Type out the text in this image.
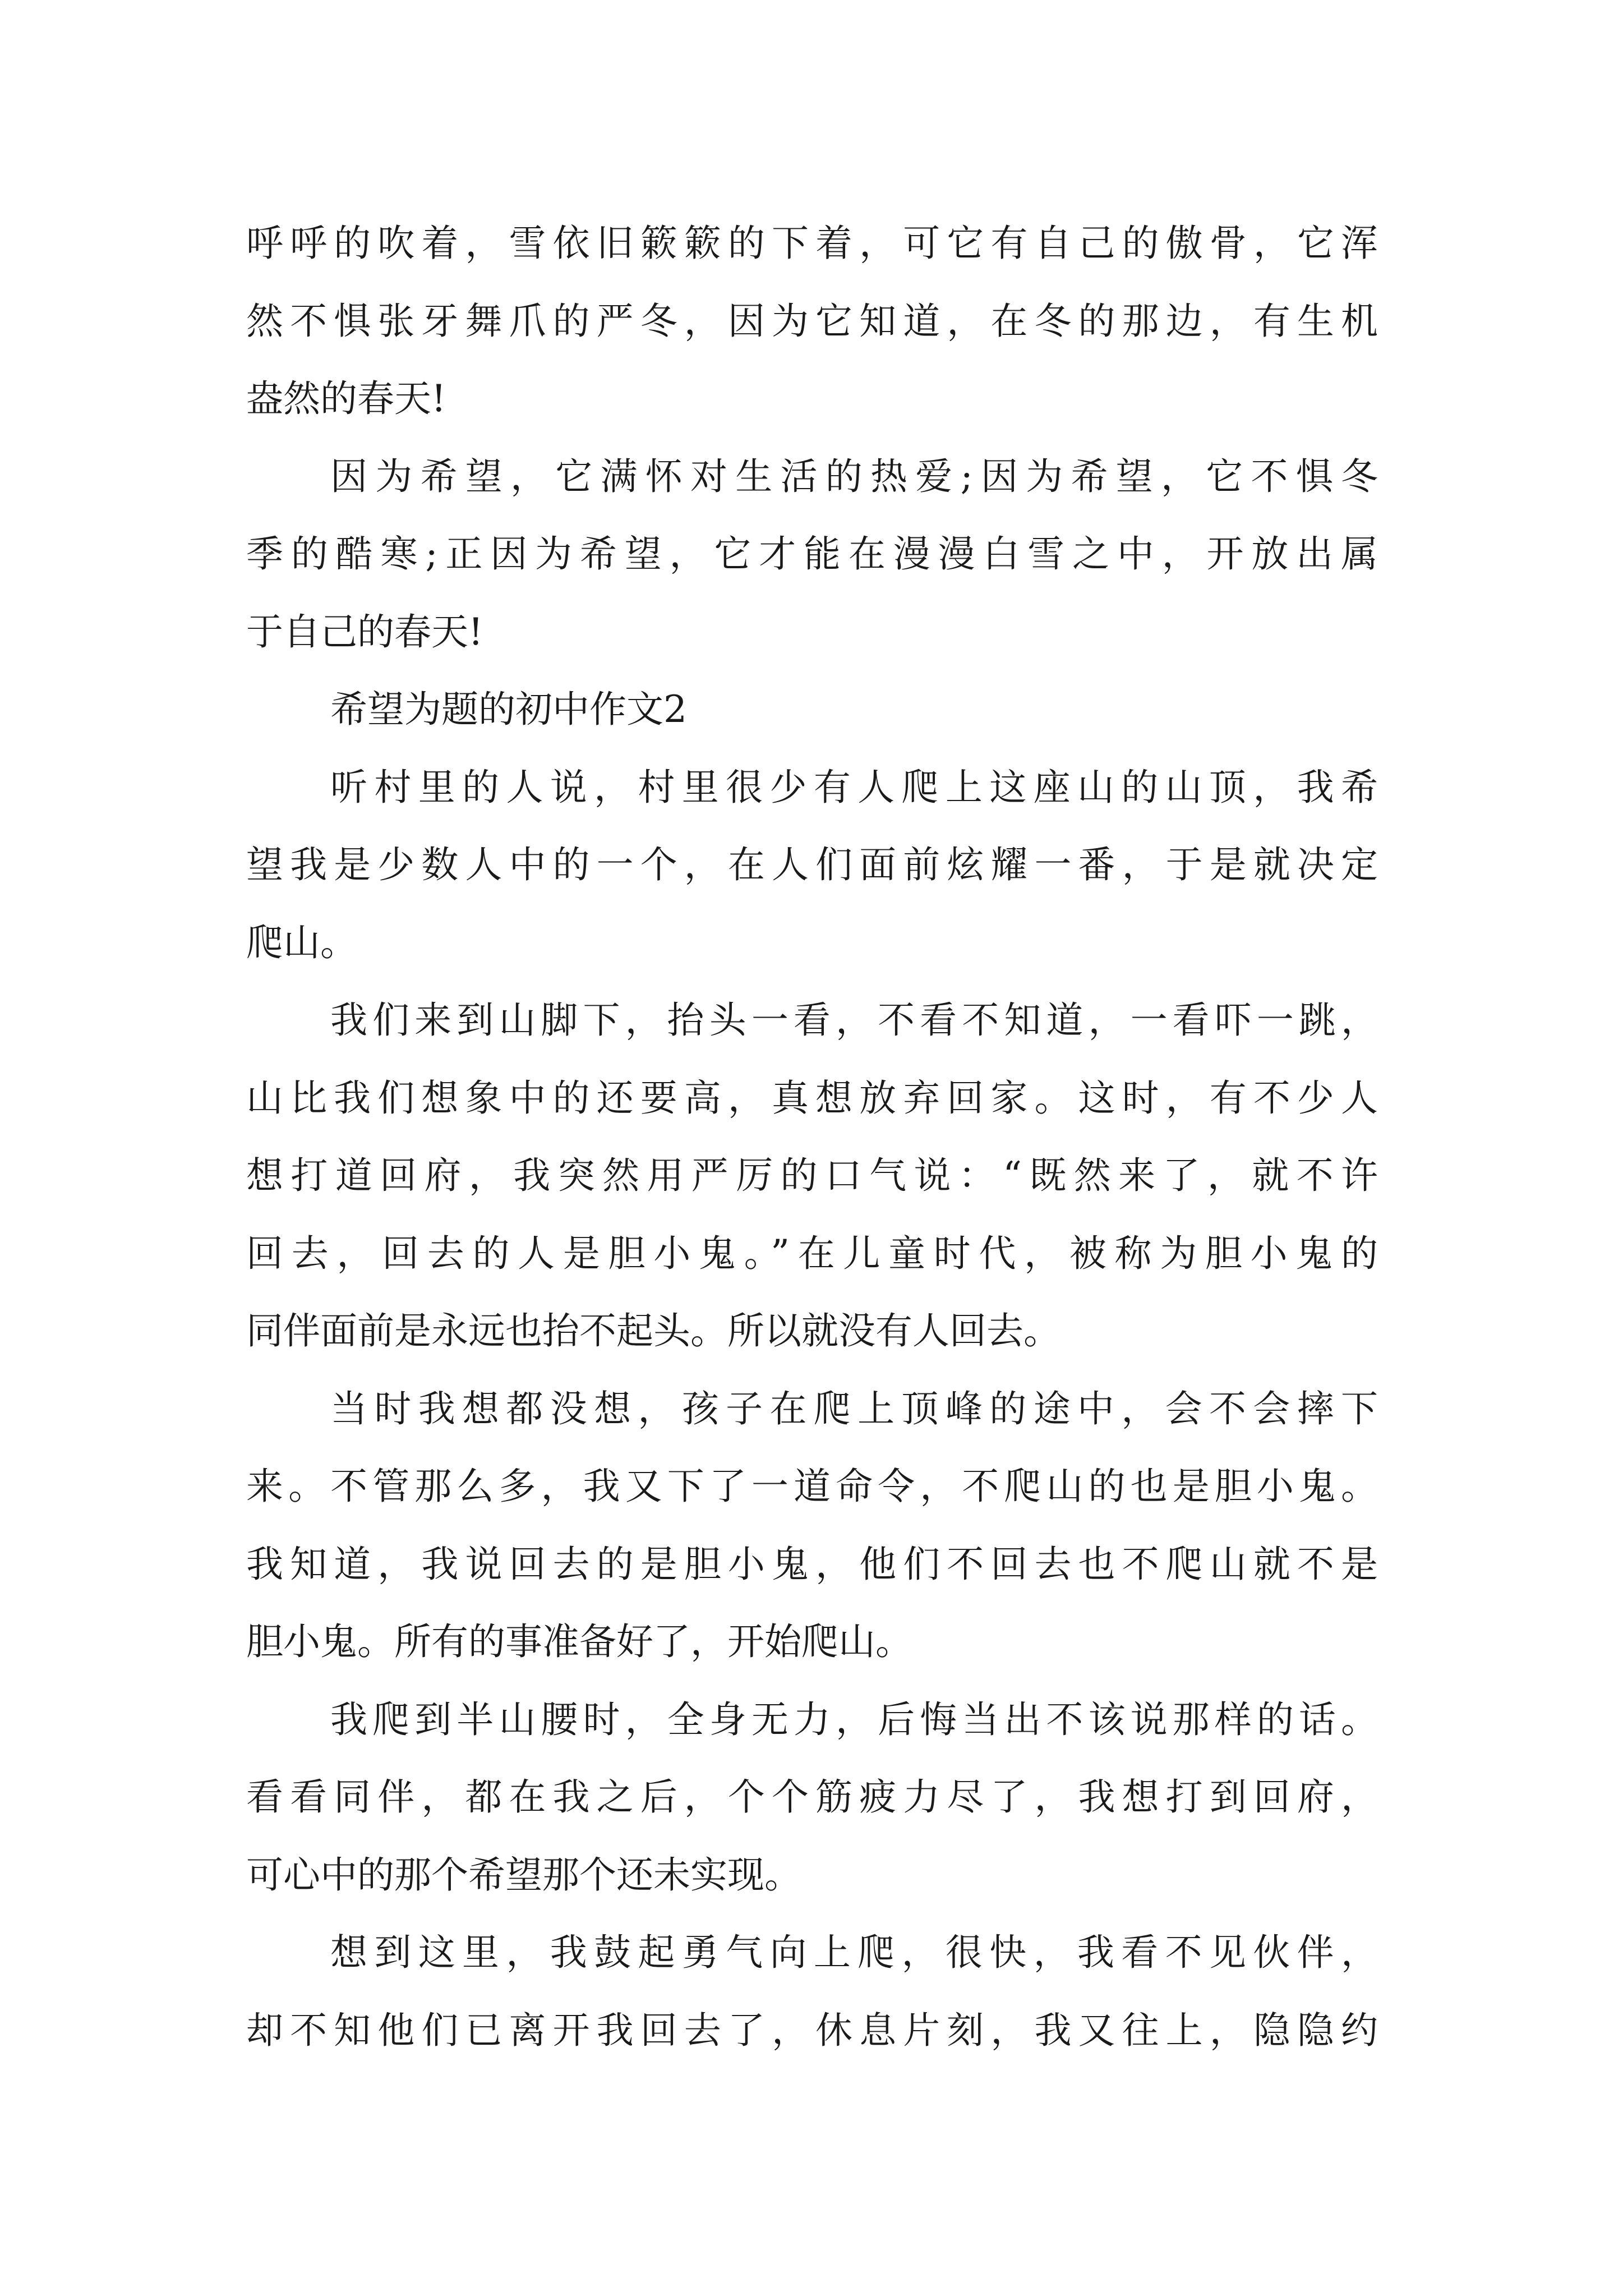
呼呼的吹着，雪依旧簌簌的下着，可它有自己的傲骨，它浑
然不惧张牙舞爪的严冬，因为它知道，在冬的那边，有生机
盎然的春天!
因为希望，它满怀对生活的热爱;因为希望，它不惧冬
季的酷寒;正因为希望，它才能在漫漫白雪之中，开放出属
于自己的春天!
希望为题的初中作文2
听村里的人说，村里很少有人爬上这座山的山顶，我希
望我是少数人中的一个，在人们面前炫耀一番，于是就决定
爬山。
我们来到山脚下，抬头一看，不看不知道，一看吓一跳，
山比我们想象中的还要高，真想放弃回家。这时，有不少人
想打道回府，我突然用严厉的口气说：“既然来了，就不许
回去，回去的人是胆小鬼。”在儿童时代，被称为胆小鬼的
同伴面前是永远也抬不起头。所以就没有人回去。
当时我想都没想，孩子在爬上顶峰的途中，会不会摔下
来。不管那么多，我又下了一道命令，不爬山的也是胆小鬼。
我知道，我说回去的是胆小鬼，他们不回去也不爬山就不是
胆小鬼。所有的事准备好了，开始爬山。
我爬到半山腰时，全身无力，后悔当出不该说那样的话。
看看同伴，都在我之后，个个筋疲力尽了，我想打到回府，
可心中的那个希望那个还未实现。
想到这里，我鼓起勇气向上爬，很快，我看不见伙伴，
却不知他们已离开我回去了，休息片刻，我又往上，隐隐约
